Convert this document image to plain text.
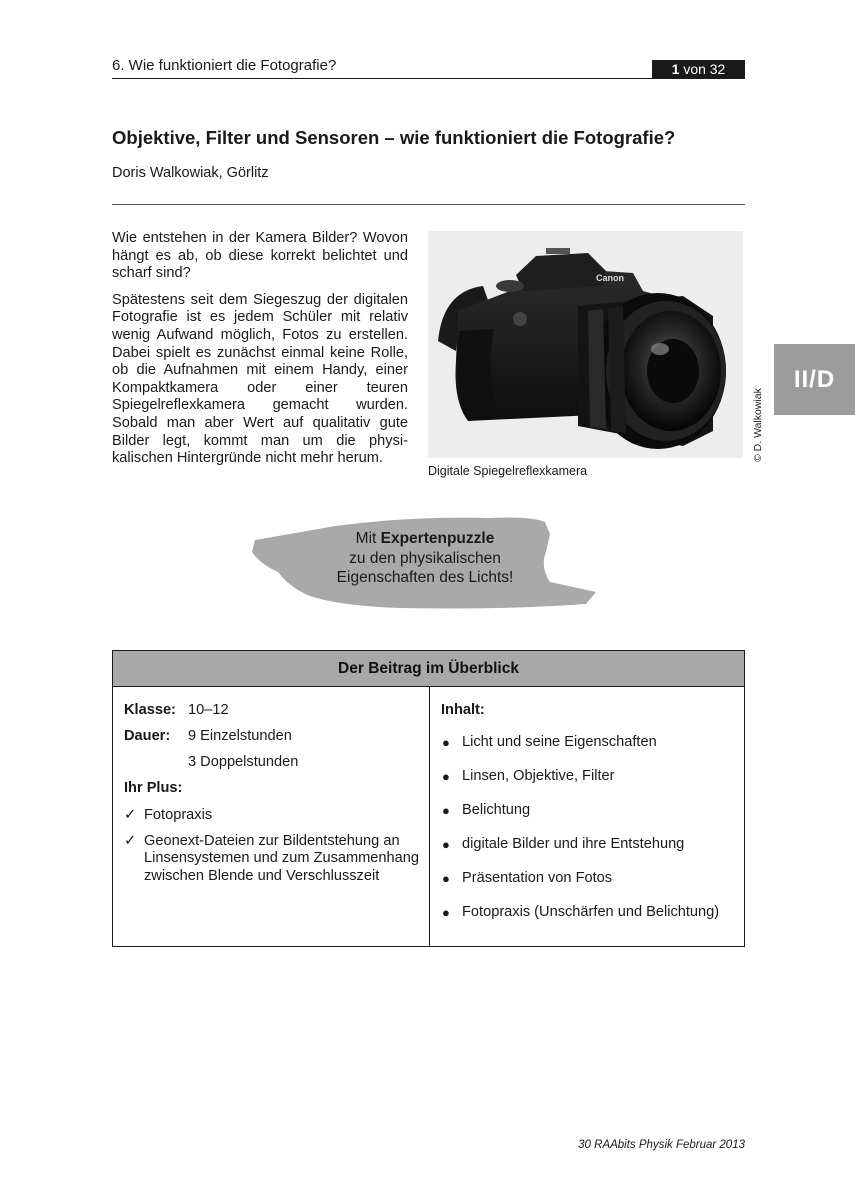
6. Wie funktioniert die Fotografie?	1 von 32
Objektive, Filter und Sensoren – wie funktioniert die Fotografie?
Doris Walkowiak, Görlitz

Wie entstehen in der Kamera Bilder? Wovon hängt es ab, ob diese korrekt belichtet und scharf sind?

Spätestens seit dem Siegeszug der digitalen Fotografie ist es jedem Schüler mit relativ wenig Aufwand möglich, Fotos zu erstellen. Dabei spielt es zunächst einmal keine Rolle, ob die Aufnahmen mit einem Handy, einer Kompaktkamera oder einer teuren Spiegelreflexkamera gemacht wurden. Sobald man aber Wert auf qualitativ gute Bilder legt, kommt man um die physikalischen Hintergründe nicht mehr herum.

Canon
Digitale Spiegelreflexkamera
© D. Walkowiak
II/D
Mit Expertenpuzzle
zu den physikalischen
Eigenschaften des Lichts!
Der Beitrag im Überblick
Klasse: 10–12
Dauer:	9 Einzelstunden
3 Doppelstunden
Ihr Plus:
✓ Fotopraxis
✓ Geonext-Dateien zur Bildentstehung an Linsensystemen und zum Zusammenhang zwischen Blende und Verschlusszeit
Inhalt:
● Licht und seine Eigenschaften
● Linsen, Objektive, Filter
● Belichtung
● digitale Bilder und ihre Entstehung
● Präsentation von Fotos
● Fotopraxis (Unschärfen und Belichtung)
30 RAAbits Physik Februar 2013
